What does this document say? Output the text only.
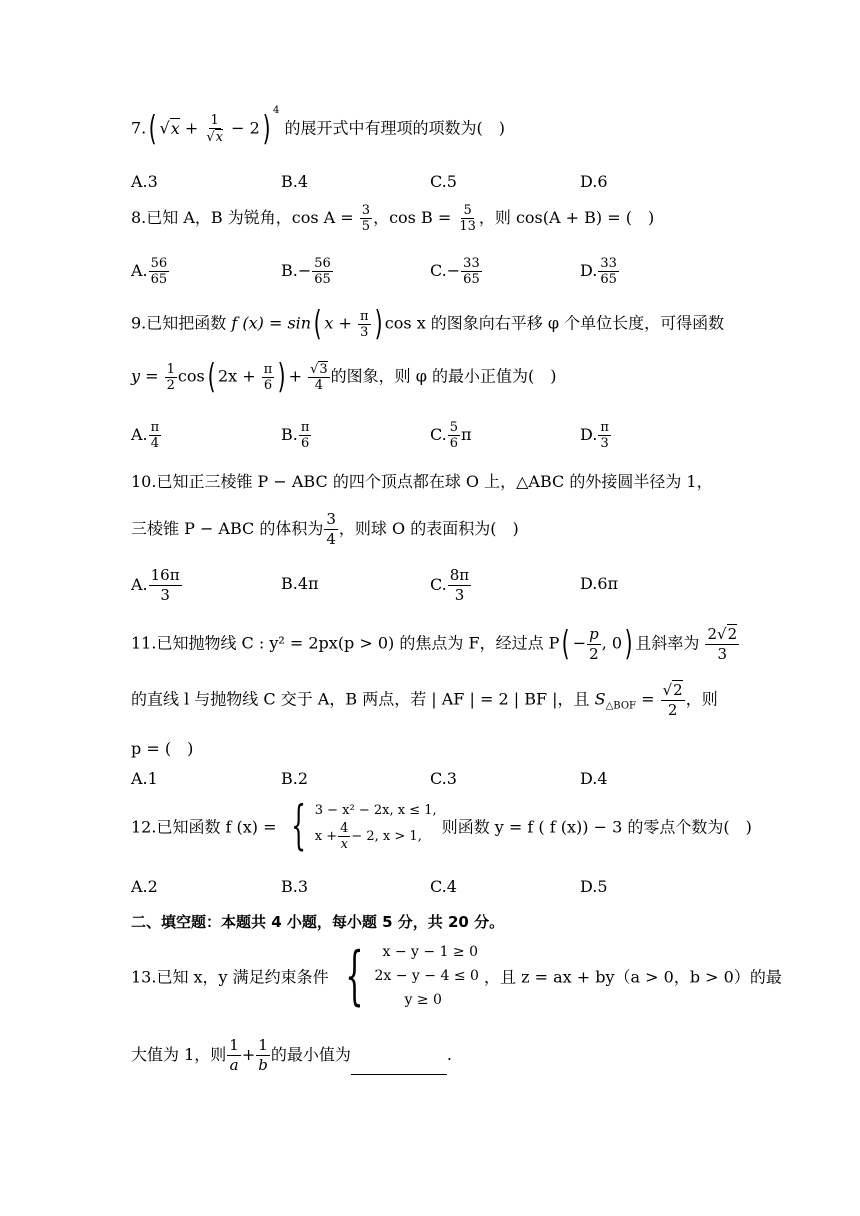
7.( $√x + \frac{1}{√x} - 2$) $^4$ 的展开式中有理项的项数为(　)
A.3	B.4	C.5	D.6
8.已知 A，B 为锐角，$\cos A = \frac{3}{5}$ ，$\cos B = \frac{5}{13}$ ，则 cos(A + B) = (　)
A. $\frac{56}{65}$	$B.- \frac{56}{65}$	$C.- \frac{33}{65}$	D. $\frac{33}{65}$
9.已知把函数 f (x) = sin( $x + \frac{\pi}{3}$ ) cos x 的图象向右平移 φ 个单位长度，可得函数
$y = \frac{1}{2} \cos$( $2x + \frac{\pi}{6}$ ) + $\frac{√3}{4}$ 的图象，则 φ 的最小正值为(　)
A. $\frac{\pi}{4}$	B. $\frac{\pi}{6}$	C. $\frac{5}{6}$ π	D. $\frac{\pi}{3}$
10.已知正三棱锥 P − ABC 的四个顶点都在球 O 上，△ABC 的外接圆半径为 1，
三棱锥 P − ABC 的体积为 $\frac{3}{4}$ ，则球 O 的表面积为(　)
A. $\frac{16\pi}{3}$	B.4π	C. $\frac{8\pi}{3}$	D.6π
11.已知抛物线 C : y² = 2px(p > 0) 的焦点为 F，经过点 $P( - \frac{p}{2}$ , 0) 且斜率为 $\frac{2√2}{3}$
的直线 l 与抛物线 C 交于 A，B 两点，若 | AF | = 2 | BF |，且 $S_{\triangle BOF} = \frac{√2}{2}$ ，则
p = (　)
A.1	B.2	C.3	D.4
12.已知函数 f (x) = { 3 − x² − 2x, x ≤ 1,
$x + \frac{4}{x} - 2$, x > 1,	则函数 y = f ( f (x)) − 3 的零点个数为(　)
A.2	B.3	C.4	D.5
二、填空题：本题共 4 小题，每小题 5 分，共 20 分。
13.已知 x，y 满足约束条件 {	x − y − 1 ≥ 0
2x − y − 4 ≤ 0
y ≥ 0
，且 z = ax + by（a > 0，b > 0）的最
大值为 1，则 $\frac{1}{a} + \frac{1}{b}$ 的最小值为	.
